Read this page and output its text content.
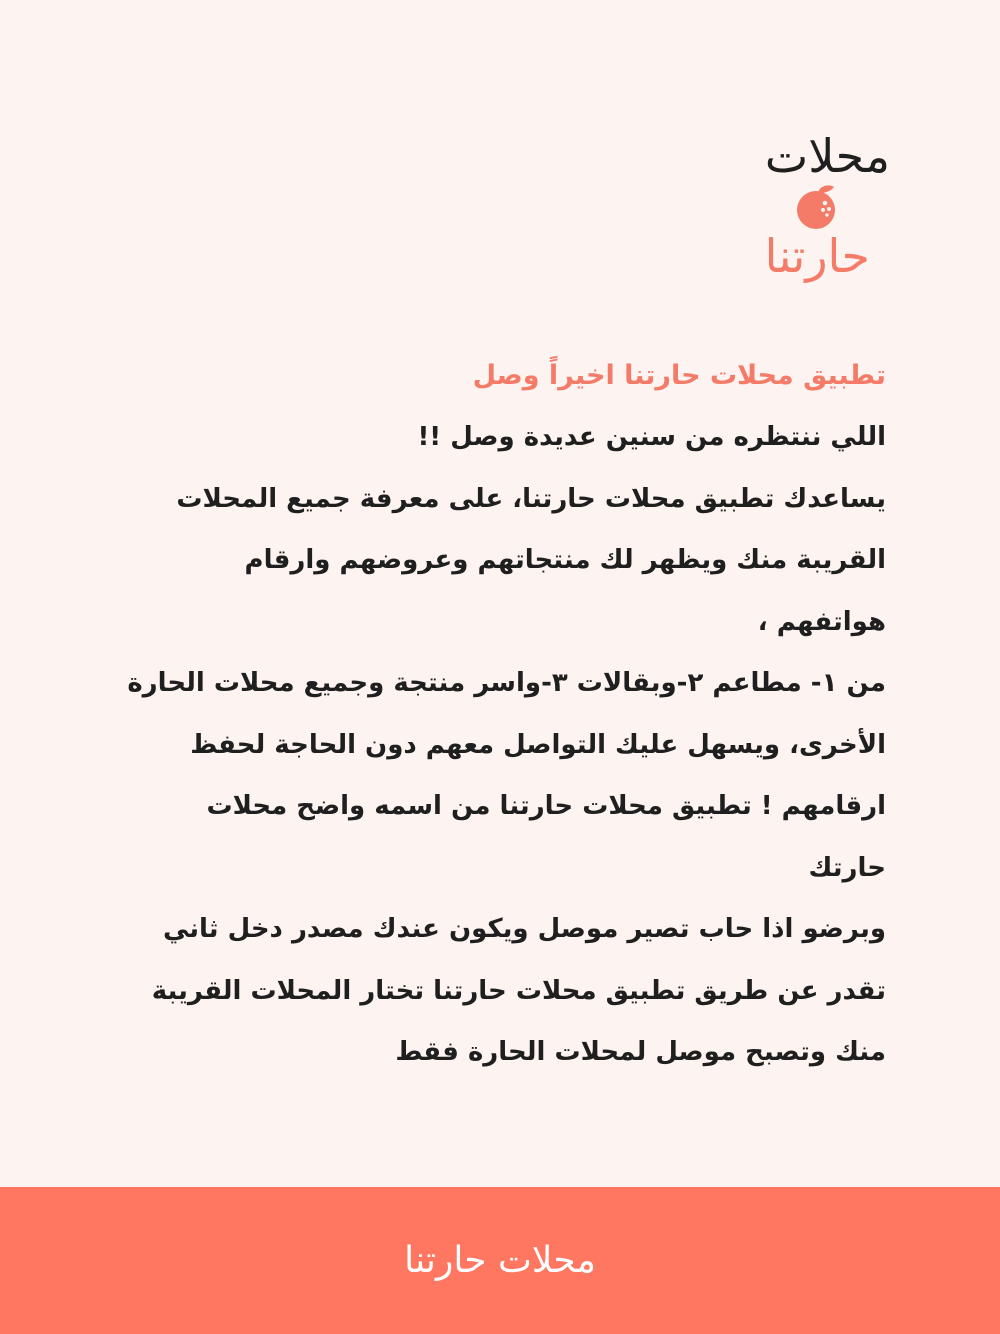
محلات
حارتنا
تطبيق محلات حارتنا اخيراً وصل
اللي ننتظره من سنين عديدة وصل !!
يساعدك تطبيق محلات حارتنا، على معرفة جميع المحلات
القريبة منك ويظهر لك منتجاتهم وعروضهم وارقام
هواتفهم ،
من ١- مطاعم ٢-وبقالات ٣-واسر منتجة وجميع محلات الحارة
الأخرى، ويسهل عليك التواصل معهم دون الحاجة لحفظ
ارقامهم ! تطبيق محلات حارتنا من اسمه واضح محلات
حارتك
وبرضو اذا حاب تصير موصل ويكون عندك مصدر دخل ثاني
تقدر عن طريق تطبيق محلات حارتنا تختار المحلات القريبة
منك وتصبح موصل لمحلات الحارة فقط
محلات حارتنا
